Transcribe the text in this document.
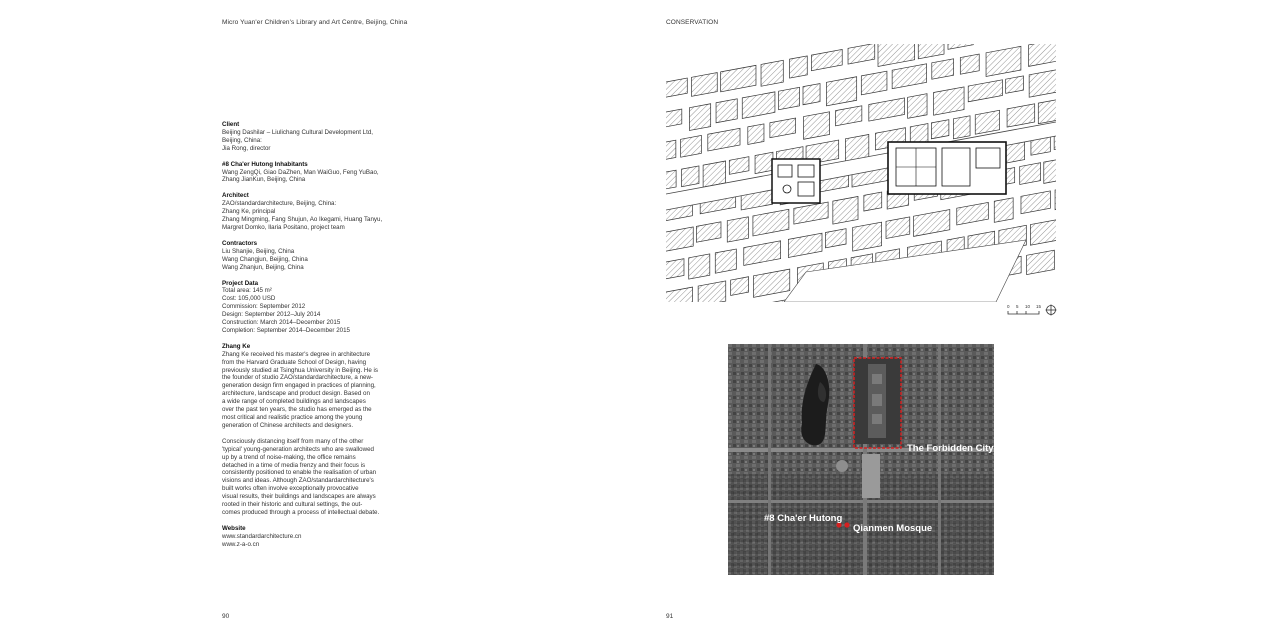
Micro Yuan'er Children's Library and Art Centre, Beijing, China
Client

Beijing Dashilar – Liulichang Cultural Development Ltd,

Beijing, China:

Jia Rong, director

#8 Cha'er Hutong Inhabitants

Wang ZengQi, Giao DaZhen, Man WaiGuo, Feng YuBao,

Zhang JianKun, Beijing, China

Architect

ZAO/standardarchitecture, Beijing, China:

Zhang Ke, principal

Zhang Mingming, Fang Shujun, Ao Ikegami, Huang Tanyu,

Margret Domko, Ilaria Positano, project team

Contractors

Liu Shanjie, Beijing, China

Wang Changjun, Beijing, China

Wang Zhanjun, Beijing, China

Project Data

Total area: 145 m²

Cost: 105,000 USD

Commission: September 2012

Design: September 2012–July 2014

Construction: March 2014–December 2015

Completion: September 2014–December 2015

Zhang Ke

Zhang Ke received his master's degree in architecture
from the Harvard Graduate School of Design, having
previously studied at Tsinghua University in Beijing. He is
the founder of studio ZAO/standardarchitecture, a new-
generation design firm engaged in practices of planning,
architecture, landscape and product design. Based on
a wide range of completed buildings and landscapes
over the past ten years, the studio has emerged as the
most critical and realistic practice among the young
generation of Chinese architects and designers.

Consciously distancing itself from many of the other
'typical' young-generation architects who are swallowed
up by a trend of noise-making, the office remains
detached in a time of media frenzy and their focus is
consistently positioned to enable the realisation of urban
visions and ideas. Although ZAO/standardarchitecture's
built works often involve exceptionally provocative
visual results, their buildings and landscapes are always
rooted in their historic and cultural settings, the out-
comes produced through a process of intellectual debate.

Website

www.standardarchitecture.cn

www.z-a-o.cn

90
CONSERVATION
0 5 10 15
The Forbidden City
#8 Cha'er Hutong
Qianmen Mosque
91
